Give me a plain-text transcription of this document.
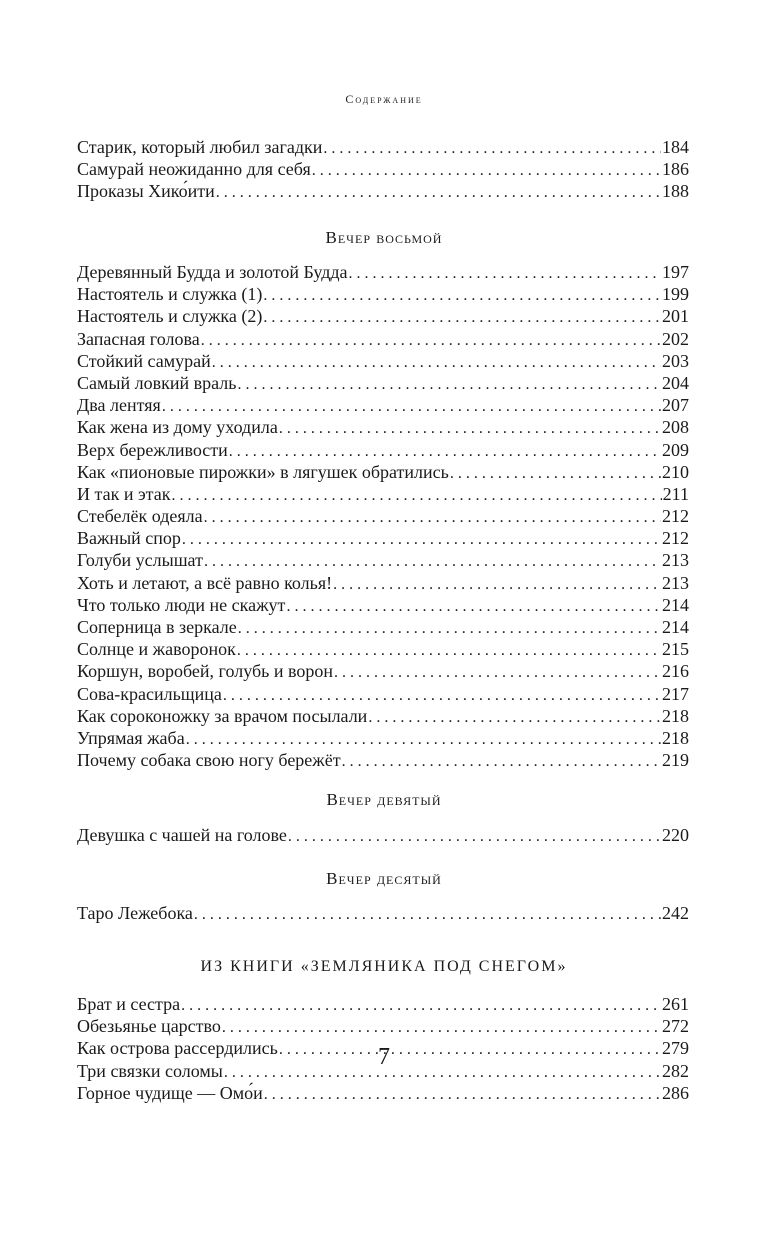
Содержание
Старик, который любил загадки .....	184
Самурай неожиданно для себя .....	186
Проказы Хико́ити .....	188
Вечер восьмой
Деревянный Будда и золотой Будда .....	197
Настоятель и служка (1) .....	199
Настоятель и служка (2) .....	201
Запасная голова .....	202
Стойкий самурай .....	203
Самый ловкий враль .....	204
Два лентяя .....	207
Как жена из дому уходила .....	208
Верх бережливости .....	209
Как «пионовые пирожки» в лягушек обратились .....	210
И так и этак .....	211
Стебелёк одеяла .....	212
Важный спор .....	212
Голуби услышат .....	213
Хоть и летают, а всё равно колья! .....	213
Что только люди не скажут .....	214
Соперница в зеркале .....	214
Солнце и жаворонок .....	215
Коршун, воробей, голубь и ворон .....	216
Сова-красильщица .....	217
Как сороконожку за врачом посылали .....	218
Упрямая жаба .....	218
Почему собака свою ногу бережёт .....	219
Вечер девятый
Девушка с чашей на голове .....	220
Вечер десятый
Таро Лежебока .....	242
ИЗ КНИГИ «ЗЕМЛЯНИКА ПОД СНЕГОМ»
Брат и сестра .....	261
Обезьянье царство .....	272
Как острова рассердились .....	279
Три связки соломы .....	282
Горное чудище — Омо́и .....	286
7
